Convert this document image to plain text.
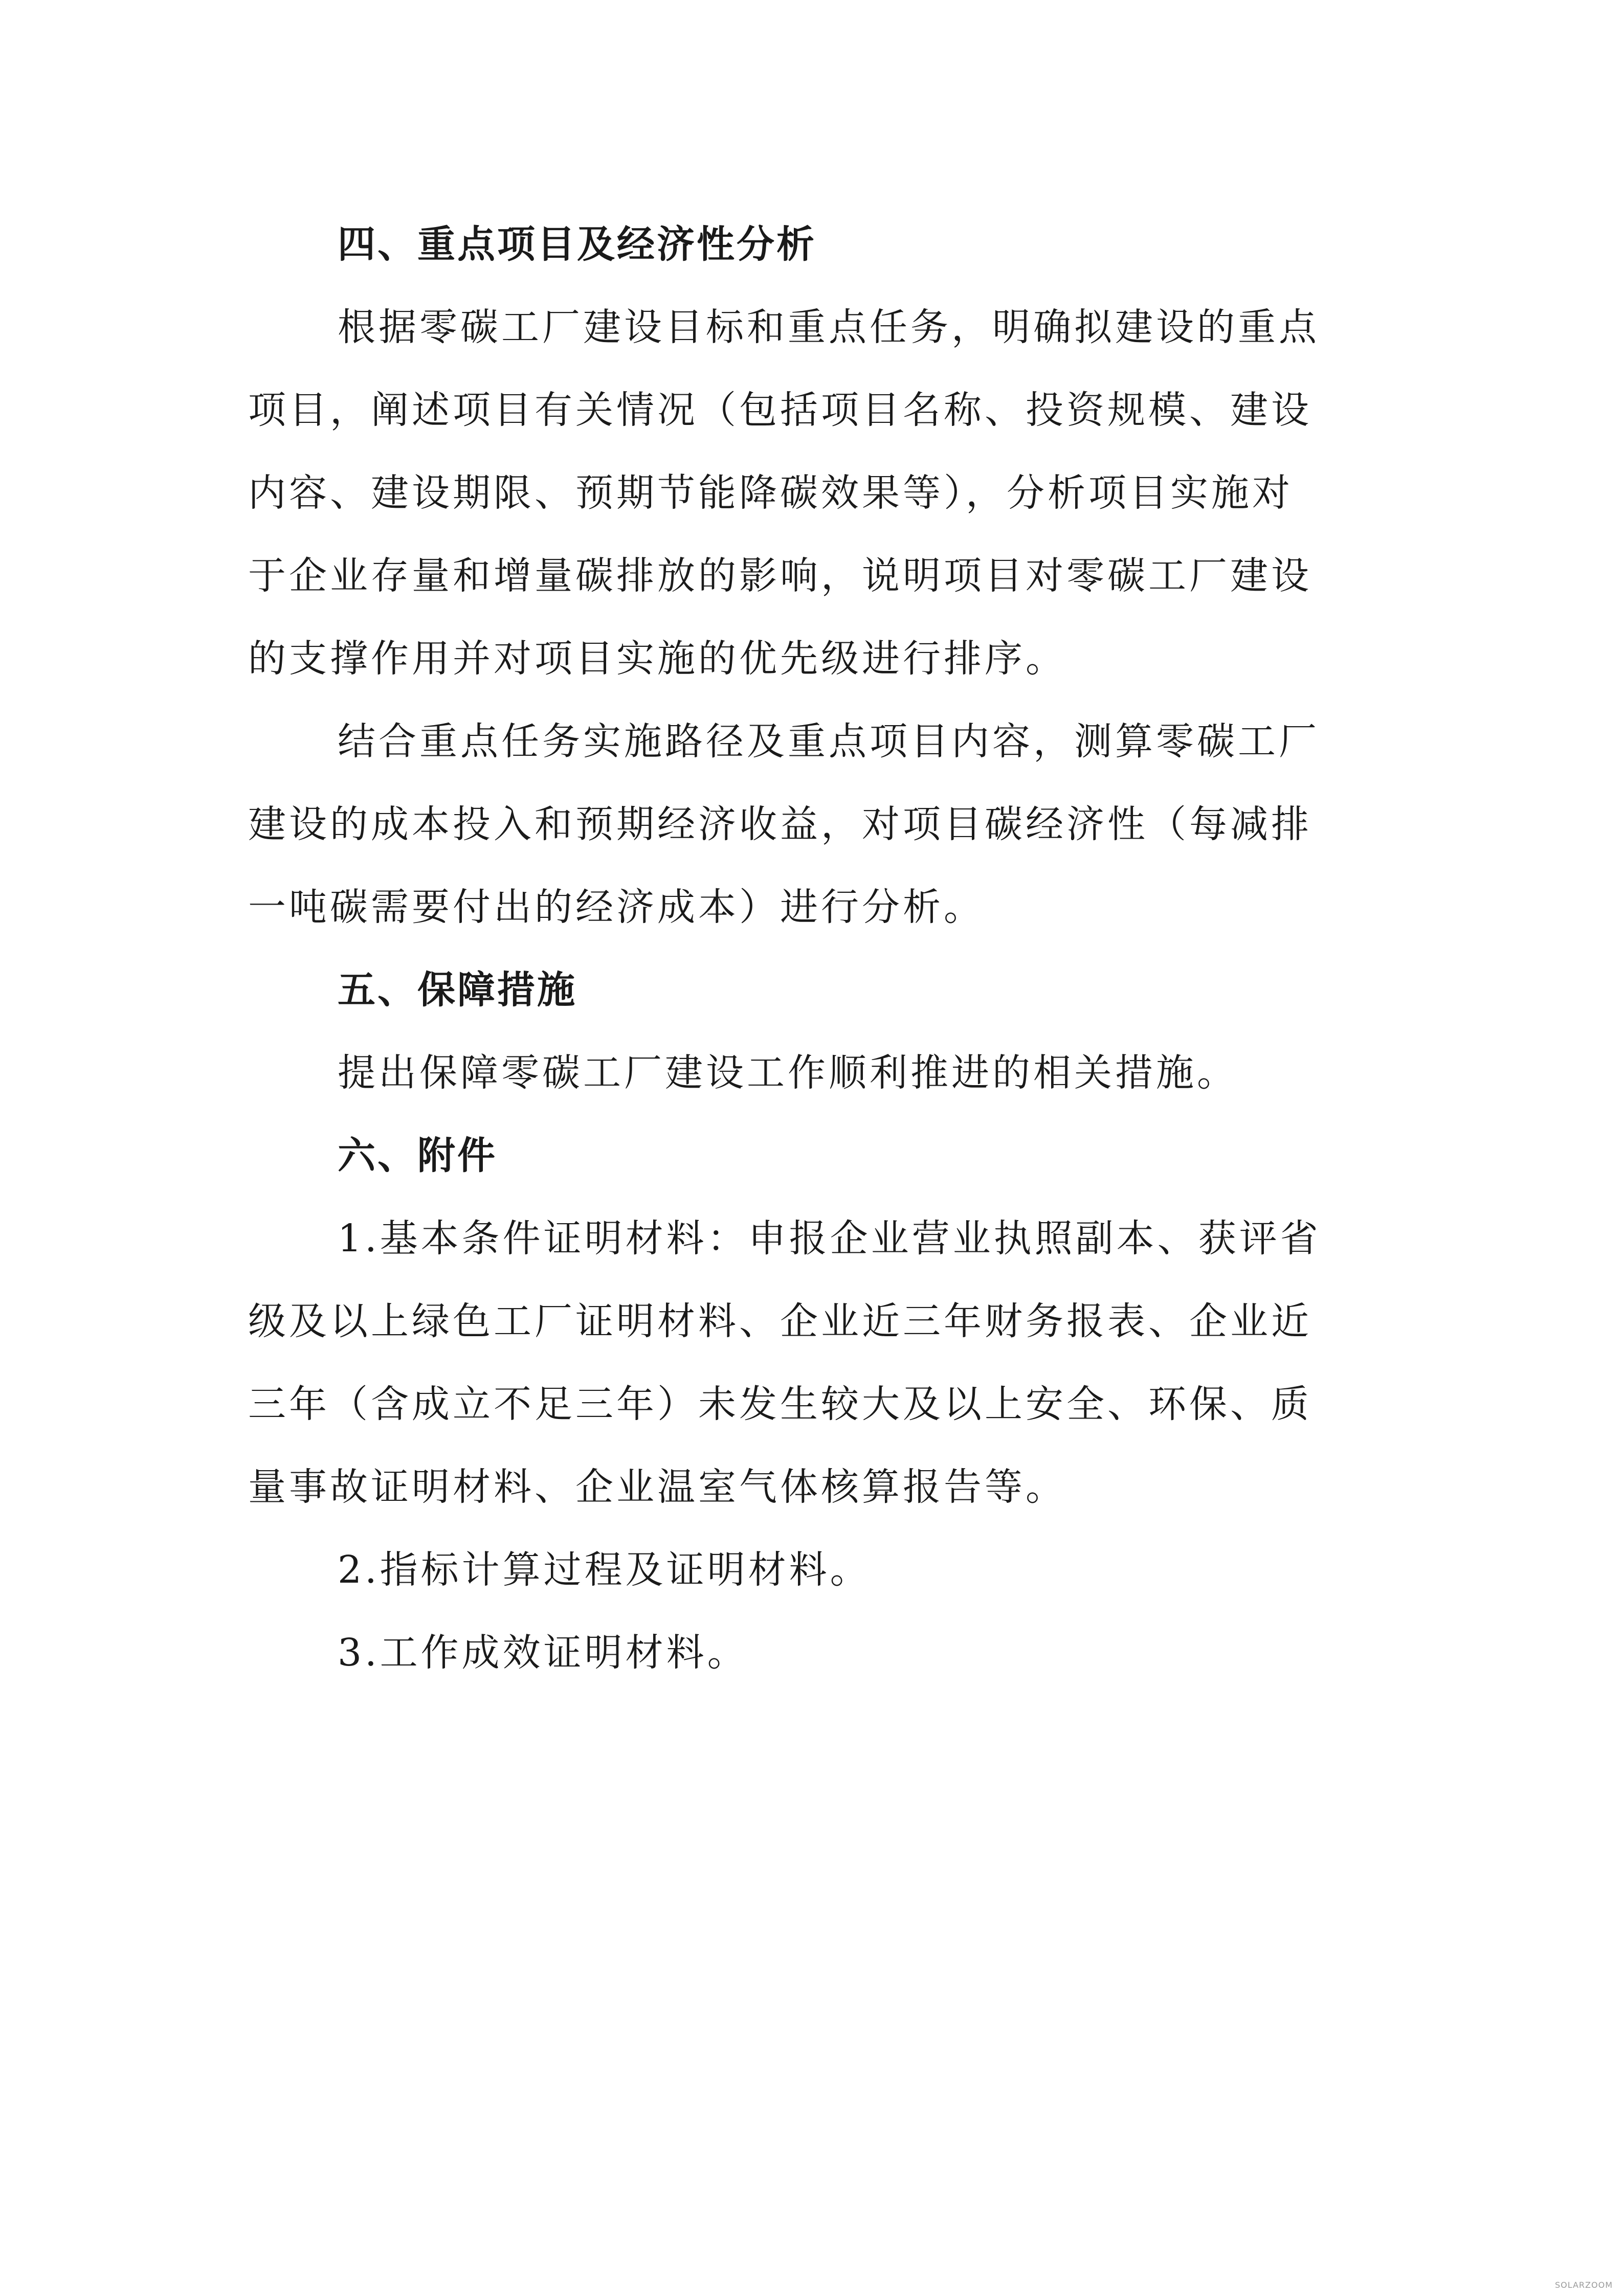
四、重点项目及经济性分析
根据零碳工厂建设目标和重点任务，明确拟建设的重点
项目，阐述项目有关情况（包括项目名称、投资规模、建设
内容、建设期限、预期节能降碳效果等），分析项目实施对
于企业存量和增量碳排放的影响，说明项目对零碳工厂建设
的支撑作用并对项目实施的优先级进行排序。
结合重点任务实施路径及重点项目内容，测算零碳工厂
建设的成本投入和预期经济收益，对项目碳经济性（每减排
一吨碳需要付出的经济成本）进行分析。
五、保障措施
提出保障零碳工厂建设工作顺利推进的相关措施。
六、附件
1.基本条件证明材料：申报企业营业执照副本、获评省
级及以上绿色工厂证明材料、企业近三年财务报表、企业近
三年（含成立不足三年）未发生较大及以上安全、环保、质
量事故证明材料、企业温室气体核算报告等。
2.指标计算过程及证明材料。
3.工作成效证明材料。
SOLARZOOM
